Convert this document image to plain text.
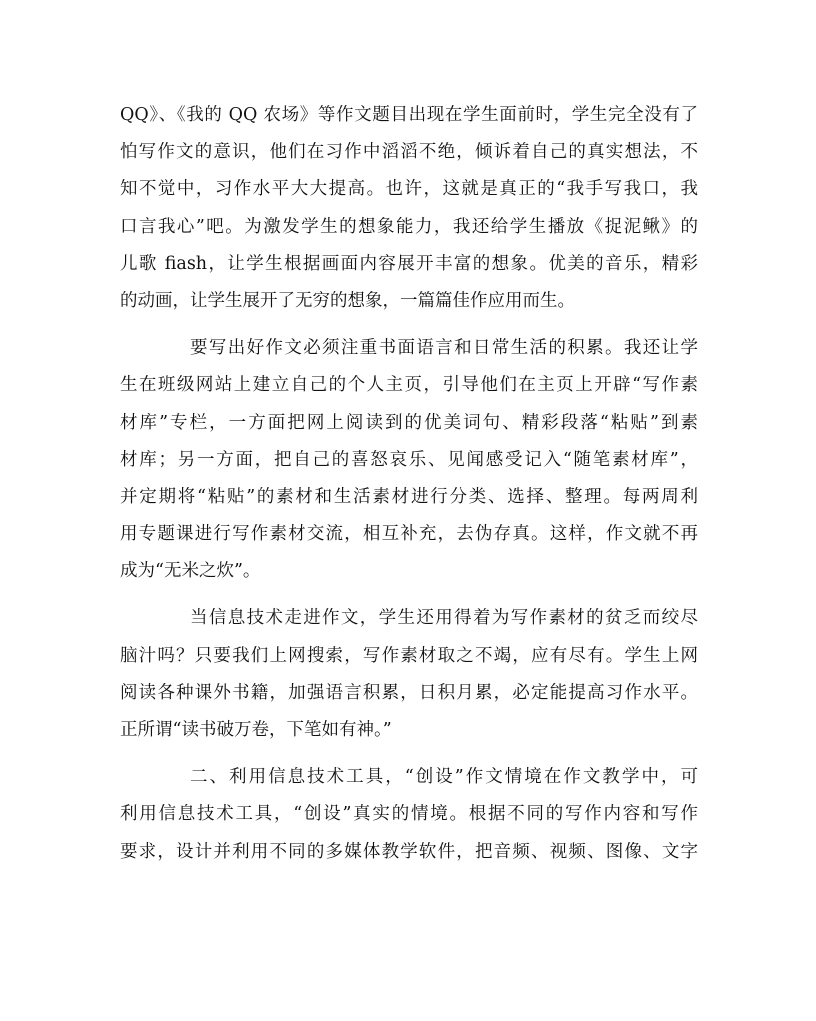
QQ》、《我的 QQ 农场》等作文题目出现在学生面前时，学生完全没有了
怕写作文的意识，他们在习作中滔滔不绝，倾诉着自己的真实想法，不
知不觉中，习作水平大大提高。也许，这就是真正的“我手写我口，我
口言我心”吧。为激发学生的想象能力，我还给学生播放《捉泥鳅》的
儿歌 fiash，让学生根据画面内容展开丰富的想象。优美的音乐，精彩
的动画，让学生展开了无穷的想象，一篇篇佳作应用而生。
要写出好作文必须注重书面语言和日常生活的积累。我还让学
生在班级网站上建立自己的个人主页，引导他们在主页上开辟“写作素
材库”专栏，一方面把网上阅读到的优美词句、精彩段落“粘贴”到素
材库；另一方面，把自己的喜怒哀乐、见闻感受记入“随笔素材库”，
并定期将“粘贴”的素材和生活素材进行分类、选择、整理。每两周利
用专题课进行写作素材交流，相互补充，去伪存真。这样，作文就不再
成为“无米之炊”。
当信息技术走进作文，学生还用得着为写作素材的贫乏而绞尽
脑汁吗？只要我们上网搜索，写作素材取之不竭，应有尽有。学生上网
阅读各种课外书籍，加强语言积累，日积月累，必定能提高习作水平。
正所谓“读书破万卷，下笔如有神。”
二、利用信息技术工具，“创设”作文情境在作文教学中，可
利用信息技术工具，“创设”真实的情境。根据不同的写作内容和写作
要求，设计并利用不同的多媒体教学软件，把音频、视频、图像、文字
